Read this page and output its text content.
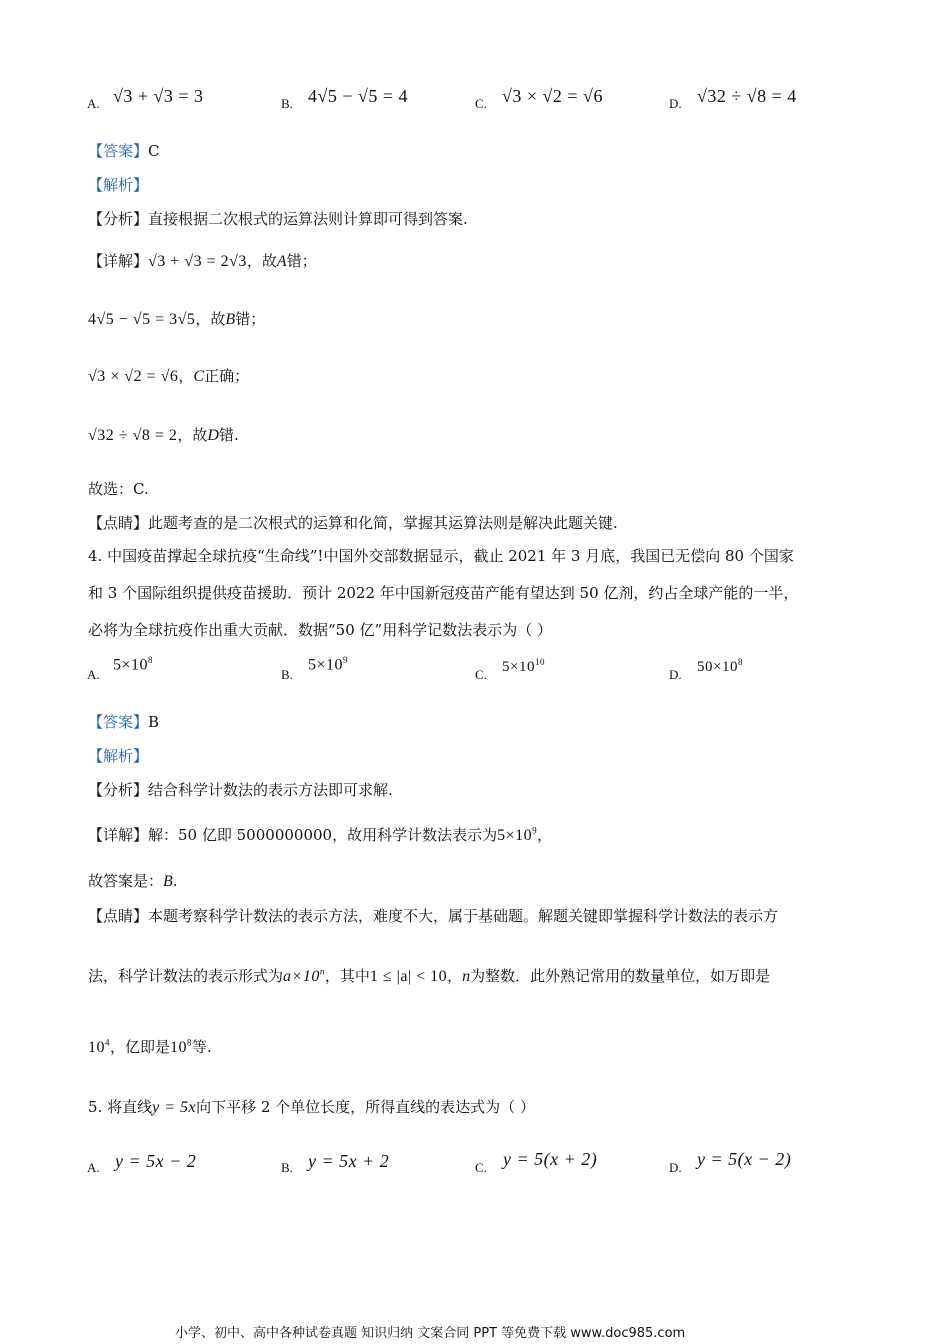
A. √3 + √3 = 3	B. 4√5 − √5 = 4	C. √3 × √2 = √6	D. √32 ÷ √8 = 4
【答案】C
【解析】
【分析】直接根据二次根式的运算法则计算即可得到答案.
【详解】√3 + √3 = 2√3，故A错；
4√5 − √5 = 3√5，故B错；
√3 × √2 = √6，C正确；
√32 ÷ √8 = 2，故D错.
故选：C.
【点睛】此题考查的是二次根式的运算和化简，掌握其运算法则是解决此题关键.
4. 中国疫苗撑起全球抗疫“生命线”!中国外交部数据显示，截止 2021 年 3 月底，我国已无偿向 80 个国家
和 3 个国际组织提供疫苗援助．预计 2022 年中国新冠疫苗产能有望达到 50 亿剂，约占全球产能的一半，
必将为全球抗疫作出重大贡献．数据“50 亿”用科学记数法表示为（ ）
A.
$5\times 10^8$
B.
$5\times 10^9$
C. $5\times 10^{10}$
D. $50\times 10^8$
【答案】B
【解析】
【分析】结合科学计数法的表示方法即可求解.
【详解】解：50 亿即 5000000000，故用科学计数法表示为$5\times 10^9$，
故答案是：B.
【点睛】本题考察科学计数法的表示方法，难度不大，属于基础题。解题关键即掌握科学计数法的表示方
法，科学计数法的表示形式为$a\times 10^n$，其中1 ≤ |a| < 10，n为整数．此外熟记常用的数量单位，如万即是
$10^4$，亿即是$10^8$等.
5. 将直线y = 5x向下平移 2 个单位长度，所得直线的表达式为（ ）
A. y = 5x − 2	B. y = 5x + 2	C. y = 5(x + 2)	D. y = 5(x − 2)
小学、初中、高中各种试卷真题 知识归纳 文案合同 PPT 等免费下载 www.doc985.com
